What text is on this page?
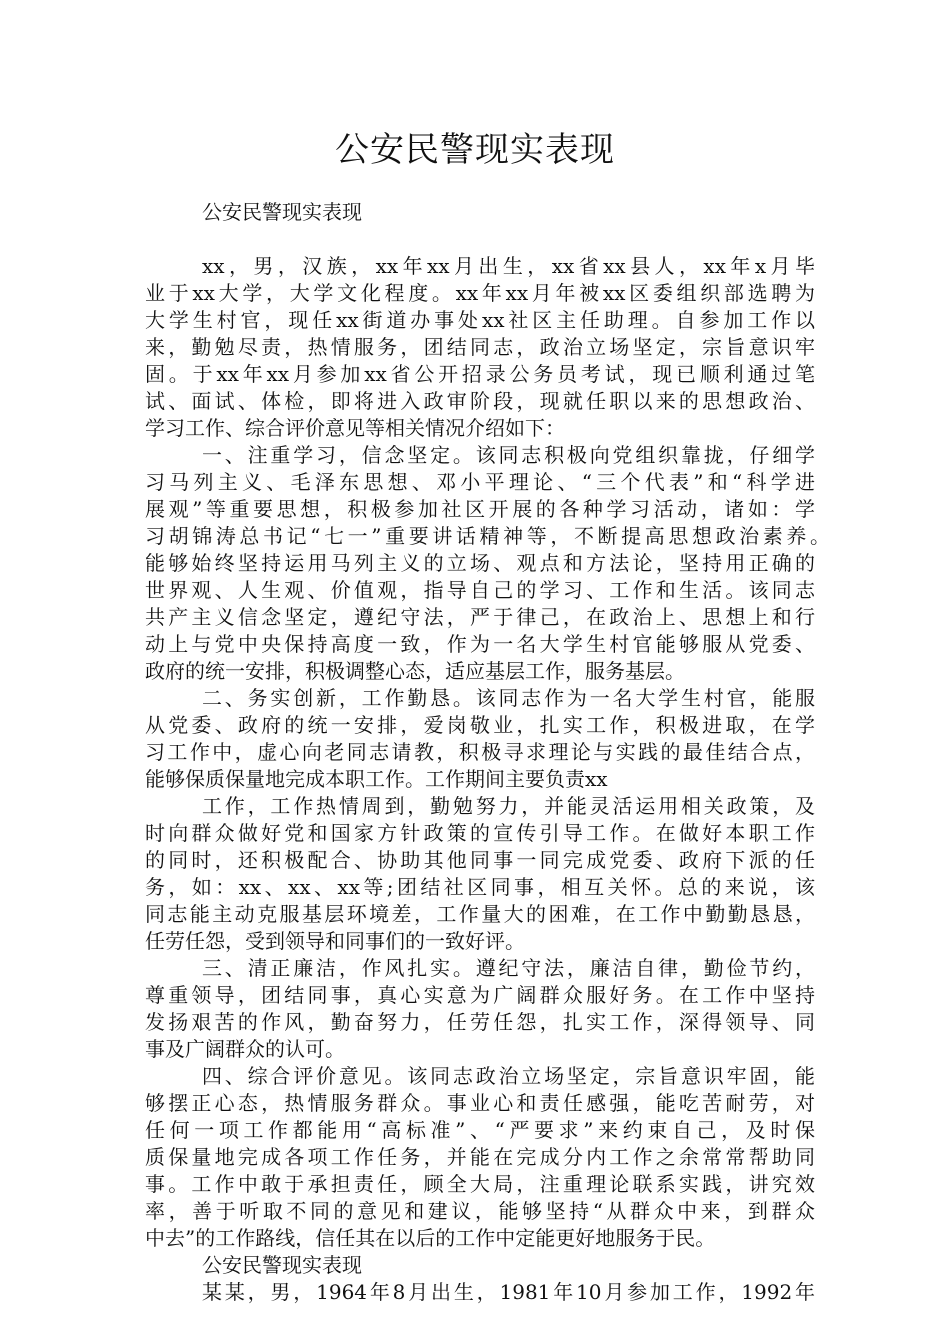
公安民警现实表现

公安民警现实表现

xx，男，汉族，xx年xx月出生，xx省xx县人，xx年x月毕

业于xx大学，大学文化程度。xx年xx月年被xx区委组织部选聘为

大学生村官，现任xx街道办事处xx社区主任助理。自参加工作以

来，勤勉尽责，热情服务，团结同志，政治立场坚定，宗旨意识牢

固。于xx年xx月参加xx省公开招录公务员考试，现已顺利通过笔

试、面试、体检，即将进入政审阶段，现就任职以来的思想政治、

学习工作、综合评价意见等相关情况介绍如下：

一、注重学习，信念坚定。该同志积极向党组织靠拢，仔细学

习马列主义、毛泽东思想、邓小平理论、“三个代表”和“科学进

展观”等重要思想，积极参加社区开展的各种学习活动，诸如：学

习胡锦涛总书记“七一”重要讲话精神等，不断提高思想政治素养。

能够始终坚持运用马列主义的立场、观点和方法论，坚持用正确的

世界观、人生观、价值观，指导自己的学习、工作和生活。该同志

共产主义信念坚定，遵纪守法，严于律己，在政治上、思想上和行

动上与党中央保持高度一致，作为一名大学生村官能够服从党委、

政府的统一安排，积极调整心态，适应基层工作，服务基层。

二、务实创新，工作勤恳。该同志作为一名大学生村官，能服

从党委、政府的统一安排，爱岗敬业，扎实工作，积极进取，在学

习工作中，虚心向老同志请教，积极寻求理论与实践的最佳结合点，

能够保质保量地完成本职工作。工作期间主要负责xx

工作，工作热情周到，勤勉努力，并能灵活运用相关政策，及

时向群众做好党和国家方针政策的宣传引导工作。在做好本职工作

的同时，还积极配合、协助其他同事一同完成党委、政府下派的任

务，如：xx、xx、xx等;团结社区同事，相互关怀。总的来说，该

同志能主动克服基层环境差，工作量大的困难，在工作中勤勤恳恳，

任劳任怨，受到领导和同事们的一致好评。

三、清正廉洁，作风扎实。遵纪守法，廉洁自律，勤俭节约，

尊重领导，团结同事，真心实意为广阔群众服好务。在工作中坚持

发扬艰苦的作风，勤奋努力，任劳任怨，扎实工作，深得领导、同

事及广阔群众的认可。

四、综合评价意见。该同志政治立场坚定，宗旨意识牢固，能

够摆正心态，热情服务群众。事业心和责任感强，能吃苦耐劳，对

任何一项工作都能用“高标准”、“严要求”来约束自己，及时保

质保量地完成各项工作任务，并能在完成分内工作之余常常帮助同

事。工作中敢于承担责任，顾全大局，注重理论联系实践，讲究效

率，善于听取不同的意见和建议，能够坚持“从群众中来，到群众

中去”的工作路线，信任其在以后的工作中定能更好地服务于民。

公安民警现实表现

某某，男，1964年8月出生，1981年10月参加工作，1992年
